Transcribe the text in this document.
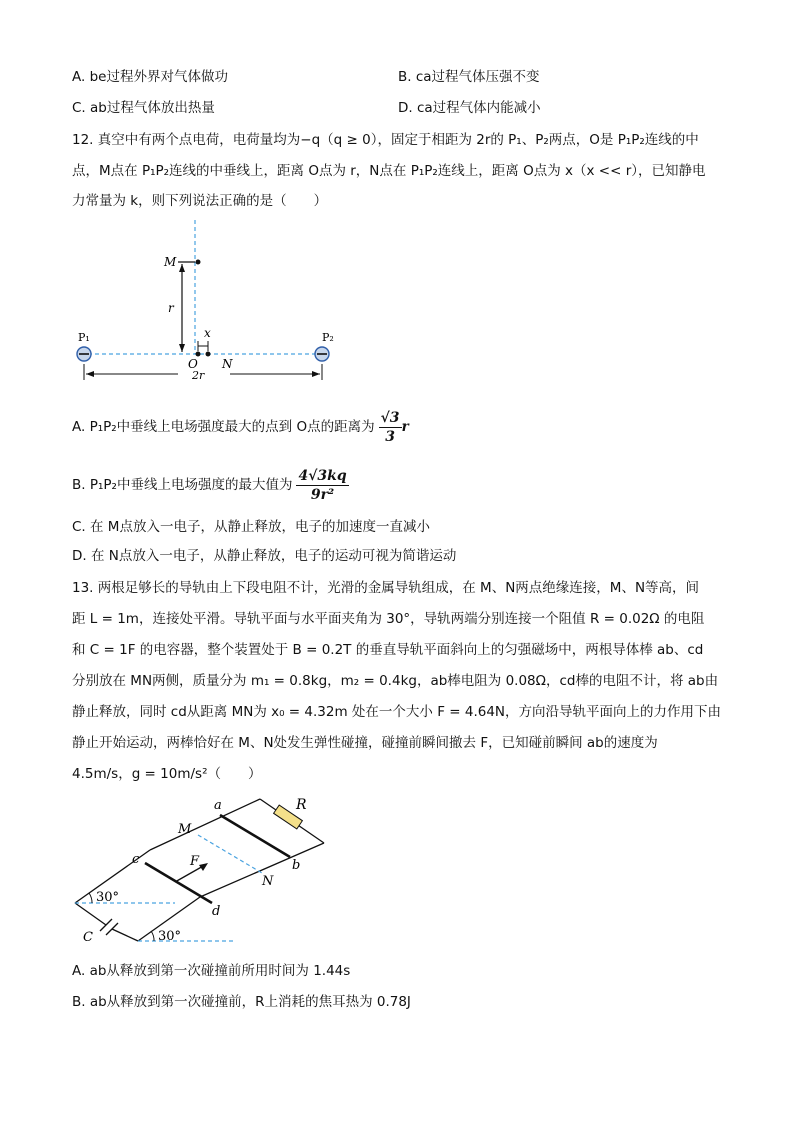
A. be过程外界对气体做功	B. ca过程气体压强不变
C. ab过程气体放出热量	D. ca过程气体内能减小
12. 真空中有两个点电荷，电荷量均为−q（q ≥ 0），固定于相距为 2r的 P₁、P₂两点，O是 P₁P₂连线的中
点，M点在 P₁P₂连线的中垂线上，距离 O点为 r，N点在 P₁P₂连线上，距离 O点为 x（x << r），已知静电
力常量为 k，则下列说法正确的是（　　）
M
r
x
P₁	P₂
O N
2r
A. P₁P₂中垂线上电场强度最大的点到 O点的距离为 $\frac{√3}{3}$ r
B. P₁P₂中垂线上电场强度的最大值为 $\frac{4√3kq}{\text{9r²}}$
C. 在 M点放入一电子，从静止释放，电子的加速度一直减小
D. 在 N点放入一电子，从静止释放，电子的运动可视为简谐运动
13. 两根足够长的导轨由上下段电阻不计，光滑的金属导轨组成，在 M、N两点绝缘连接，M、N等高，间
距 L = 1m，连接处平滑。导轨平面与水平面夹角为 30°，导轨两端分别连接一个阻值 R = 0.02Ω 的电阻
和 C = 1F 的电容器，整个装置处于 B = 0.2T 的垂直导轨平面斜向上的匀强磁场中，两根导体棒 ab、cd
分别放在 MN两侧，质量分为 m₁ = 0.8kg，m₂ = 0.4kg，ab棒电阻为 0.08Ω，cd棒的电阻不计，将 ab由
静止释放，同时 cd从距离 MN为 x₀ = 4.32m 处在一个大小 F = 4.64N，方向沿导轨平面向上的力作用下由
静止开始运动，两棒恰好在 M、N处发生弹性碰撞，碰撞前瞬间撤去 F，已知碰前瞬间 ab的速度为
4.5m/s，g = 10m/s²（　　）
a
b
c
d
M
N
R
F
C
30°
30°
A. ab从释放到第一次碰撞前所用时间为 1.44s
B. ab从释放到第一次碰撞前，R上消耗的焦耳热为 0.78J
